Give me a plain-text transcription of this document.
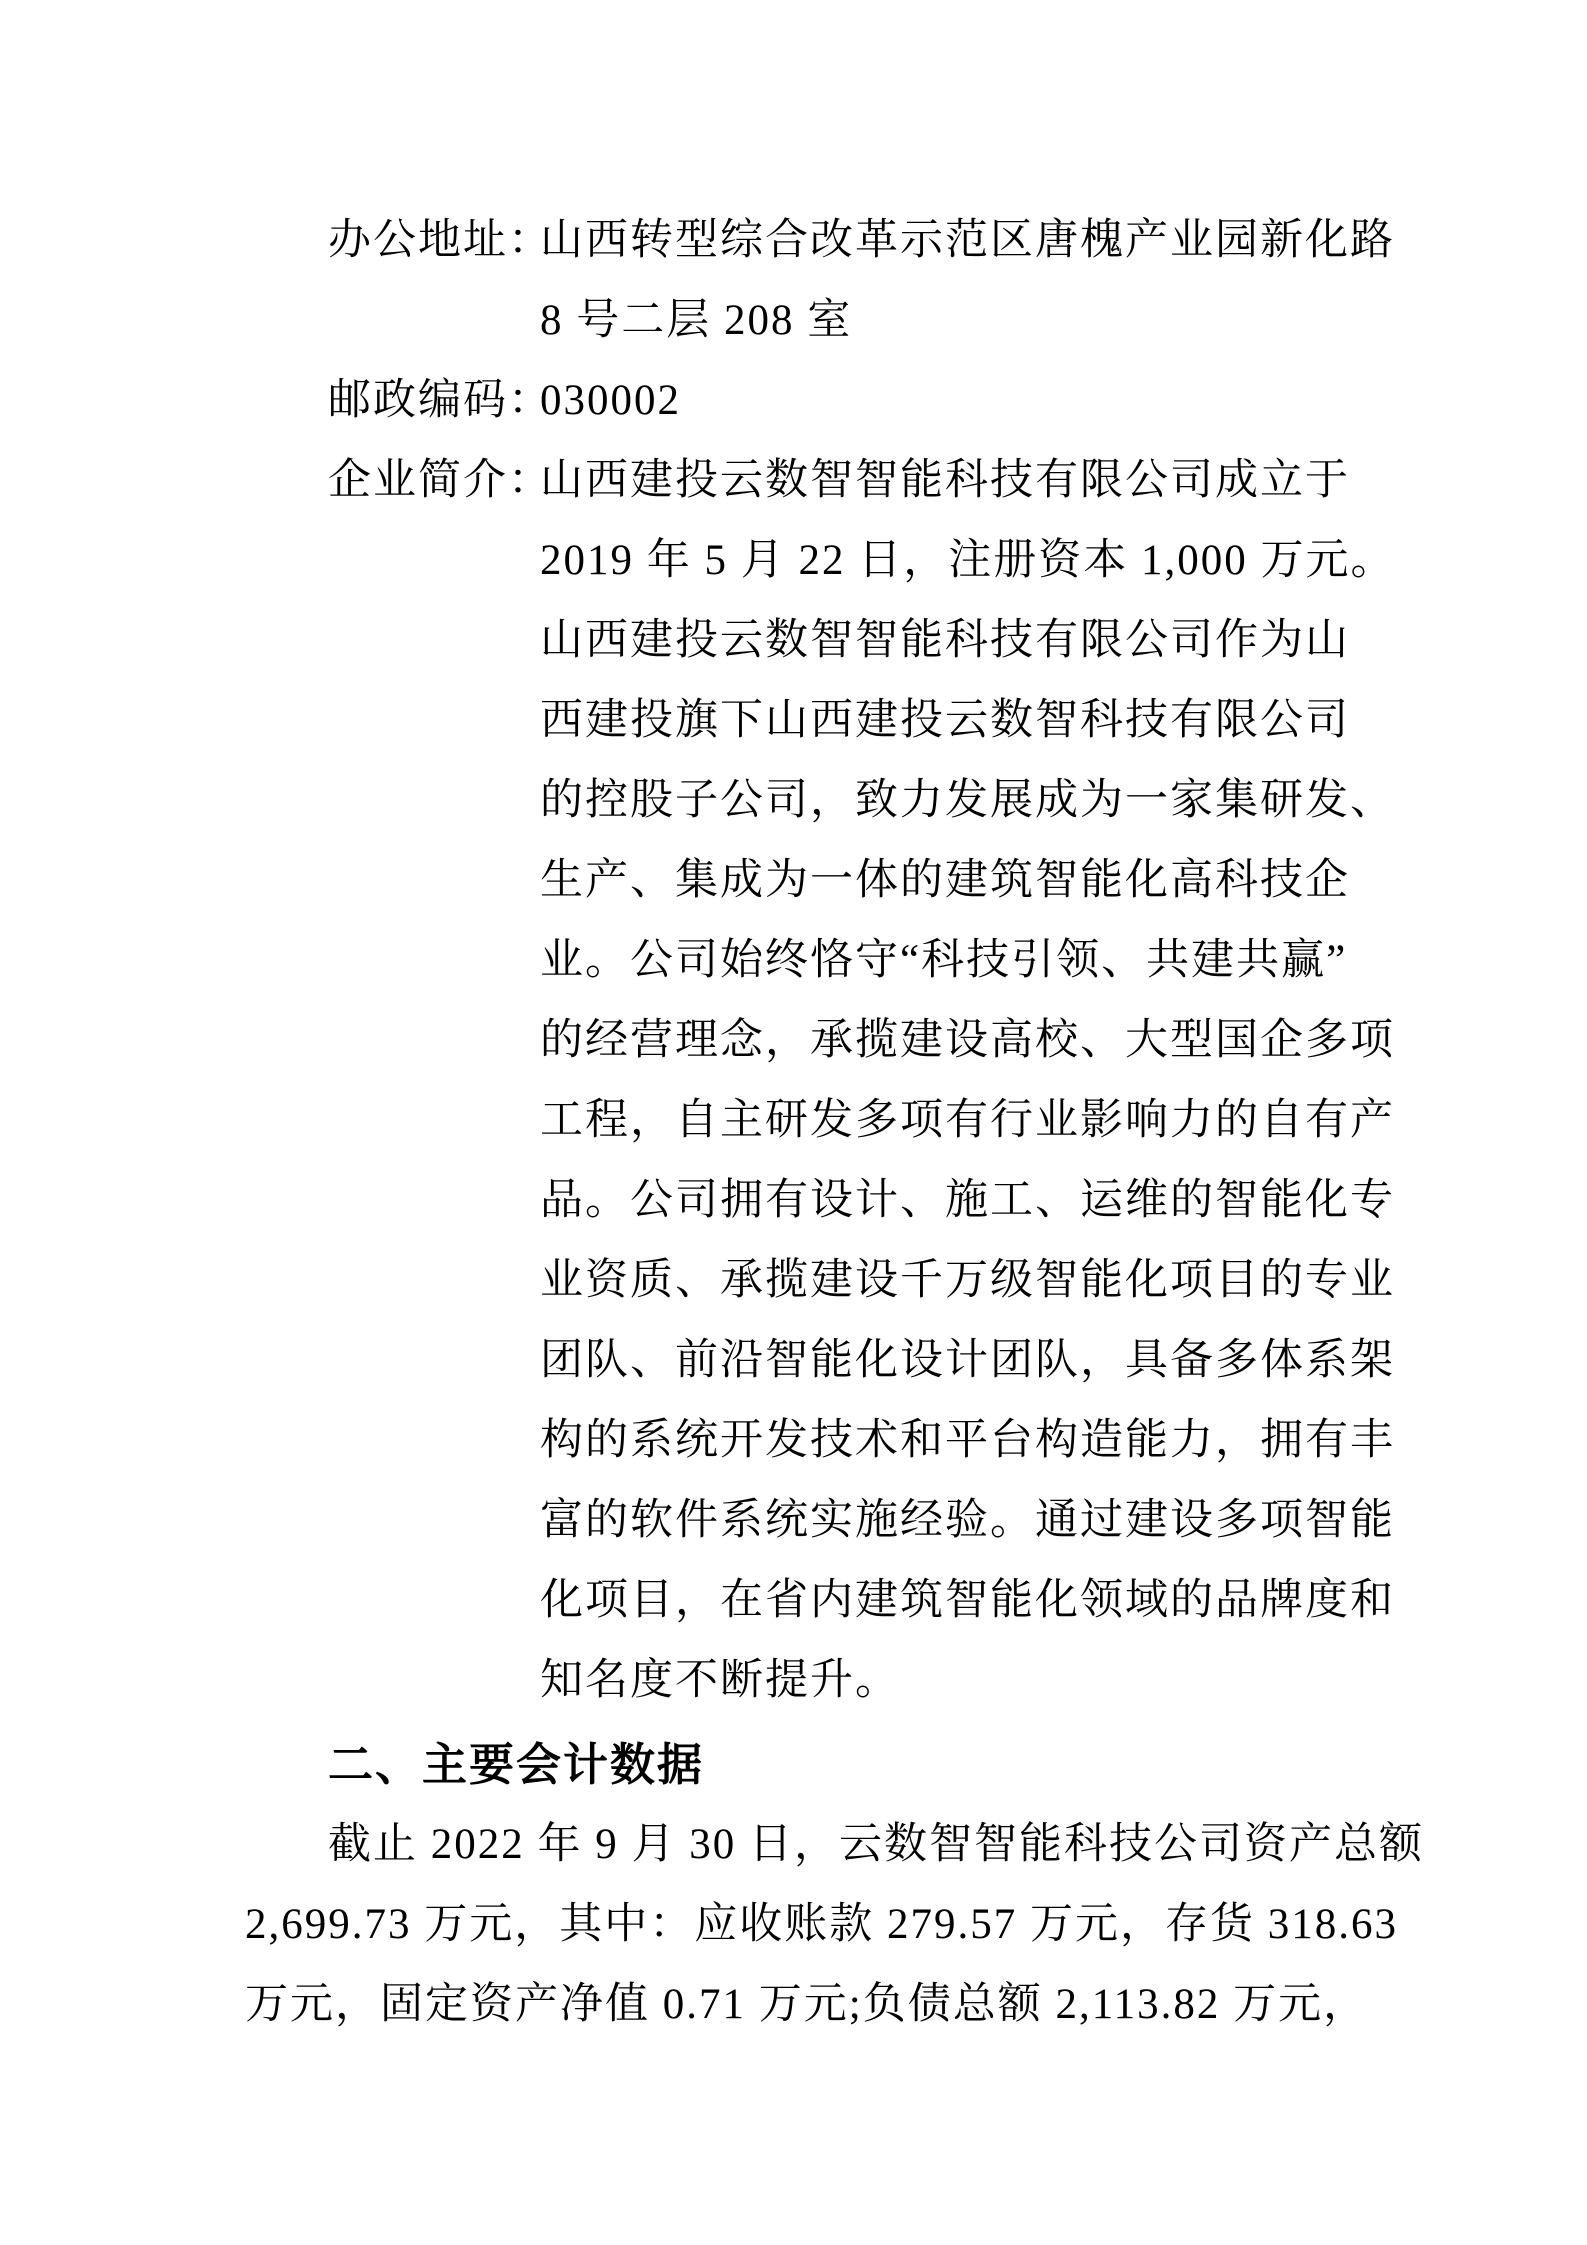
办公地址：
山西转型综合改革示范区唐槐产业园新化路
8 号二层 208 室
邮政编码：
030002
企业简介：
山西建投云数智智能科技有限公司成立于
2019 年 5 月 22 日，注册资本 1,000 万元。
山西建投云数智智能科技有限公司作为山
西建投旗下山西建投云数智科技有限公司
的控股子公司，致力发展成为一家集研发、
生产、集成为一体的建筑智能化高科技企
业。公司始终恪守“科技引领、共建共赢”
的经营理念，承揽建设高校、大型国企多项
工程，自主研发多项有行业影响力的自有产
品。公司拥有设计、施工、运维的智能化专
业资质、承揽建设千万级智能化项目的专业
团队、前沿智能化设计团队，具备多体系架
构的系统开发技术和平台构造能力，拥有丰
富的软件系统实施经验。通过建设多项智能
化项目，在省内建筑智能化领域的品牌度和
知名度不断提升。
二、主要会计数据
截止 2022 年 9 月 30 日，云数智智能科技公司资产总额
2,699.73 万元，其中：应收账款 279.57 万元，存货 318.63
万元，固定资产净值 0.71 万元;负债总额 2,113.82 万元，
